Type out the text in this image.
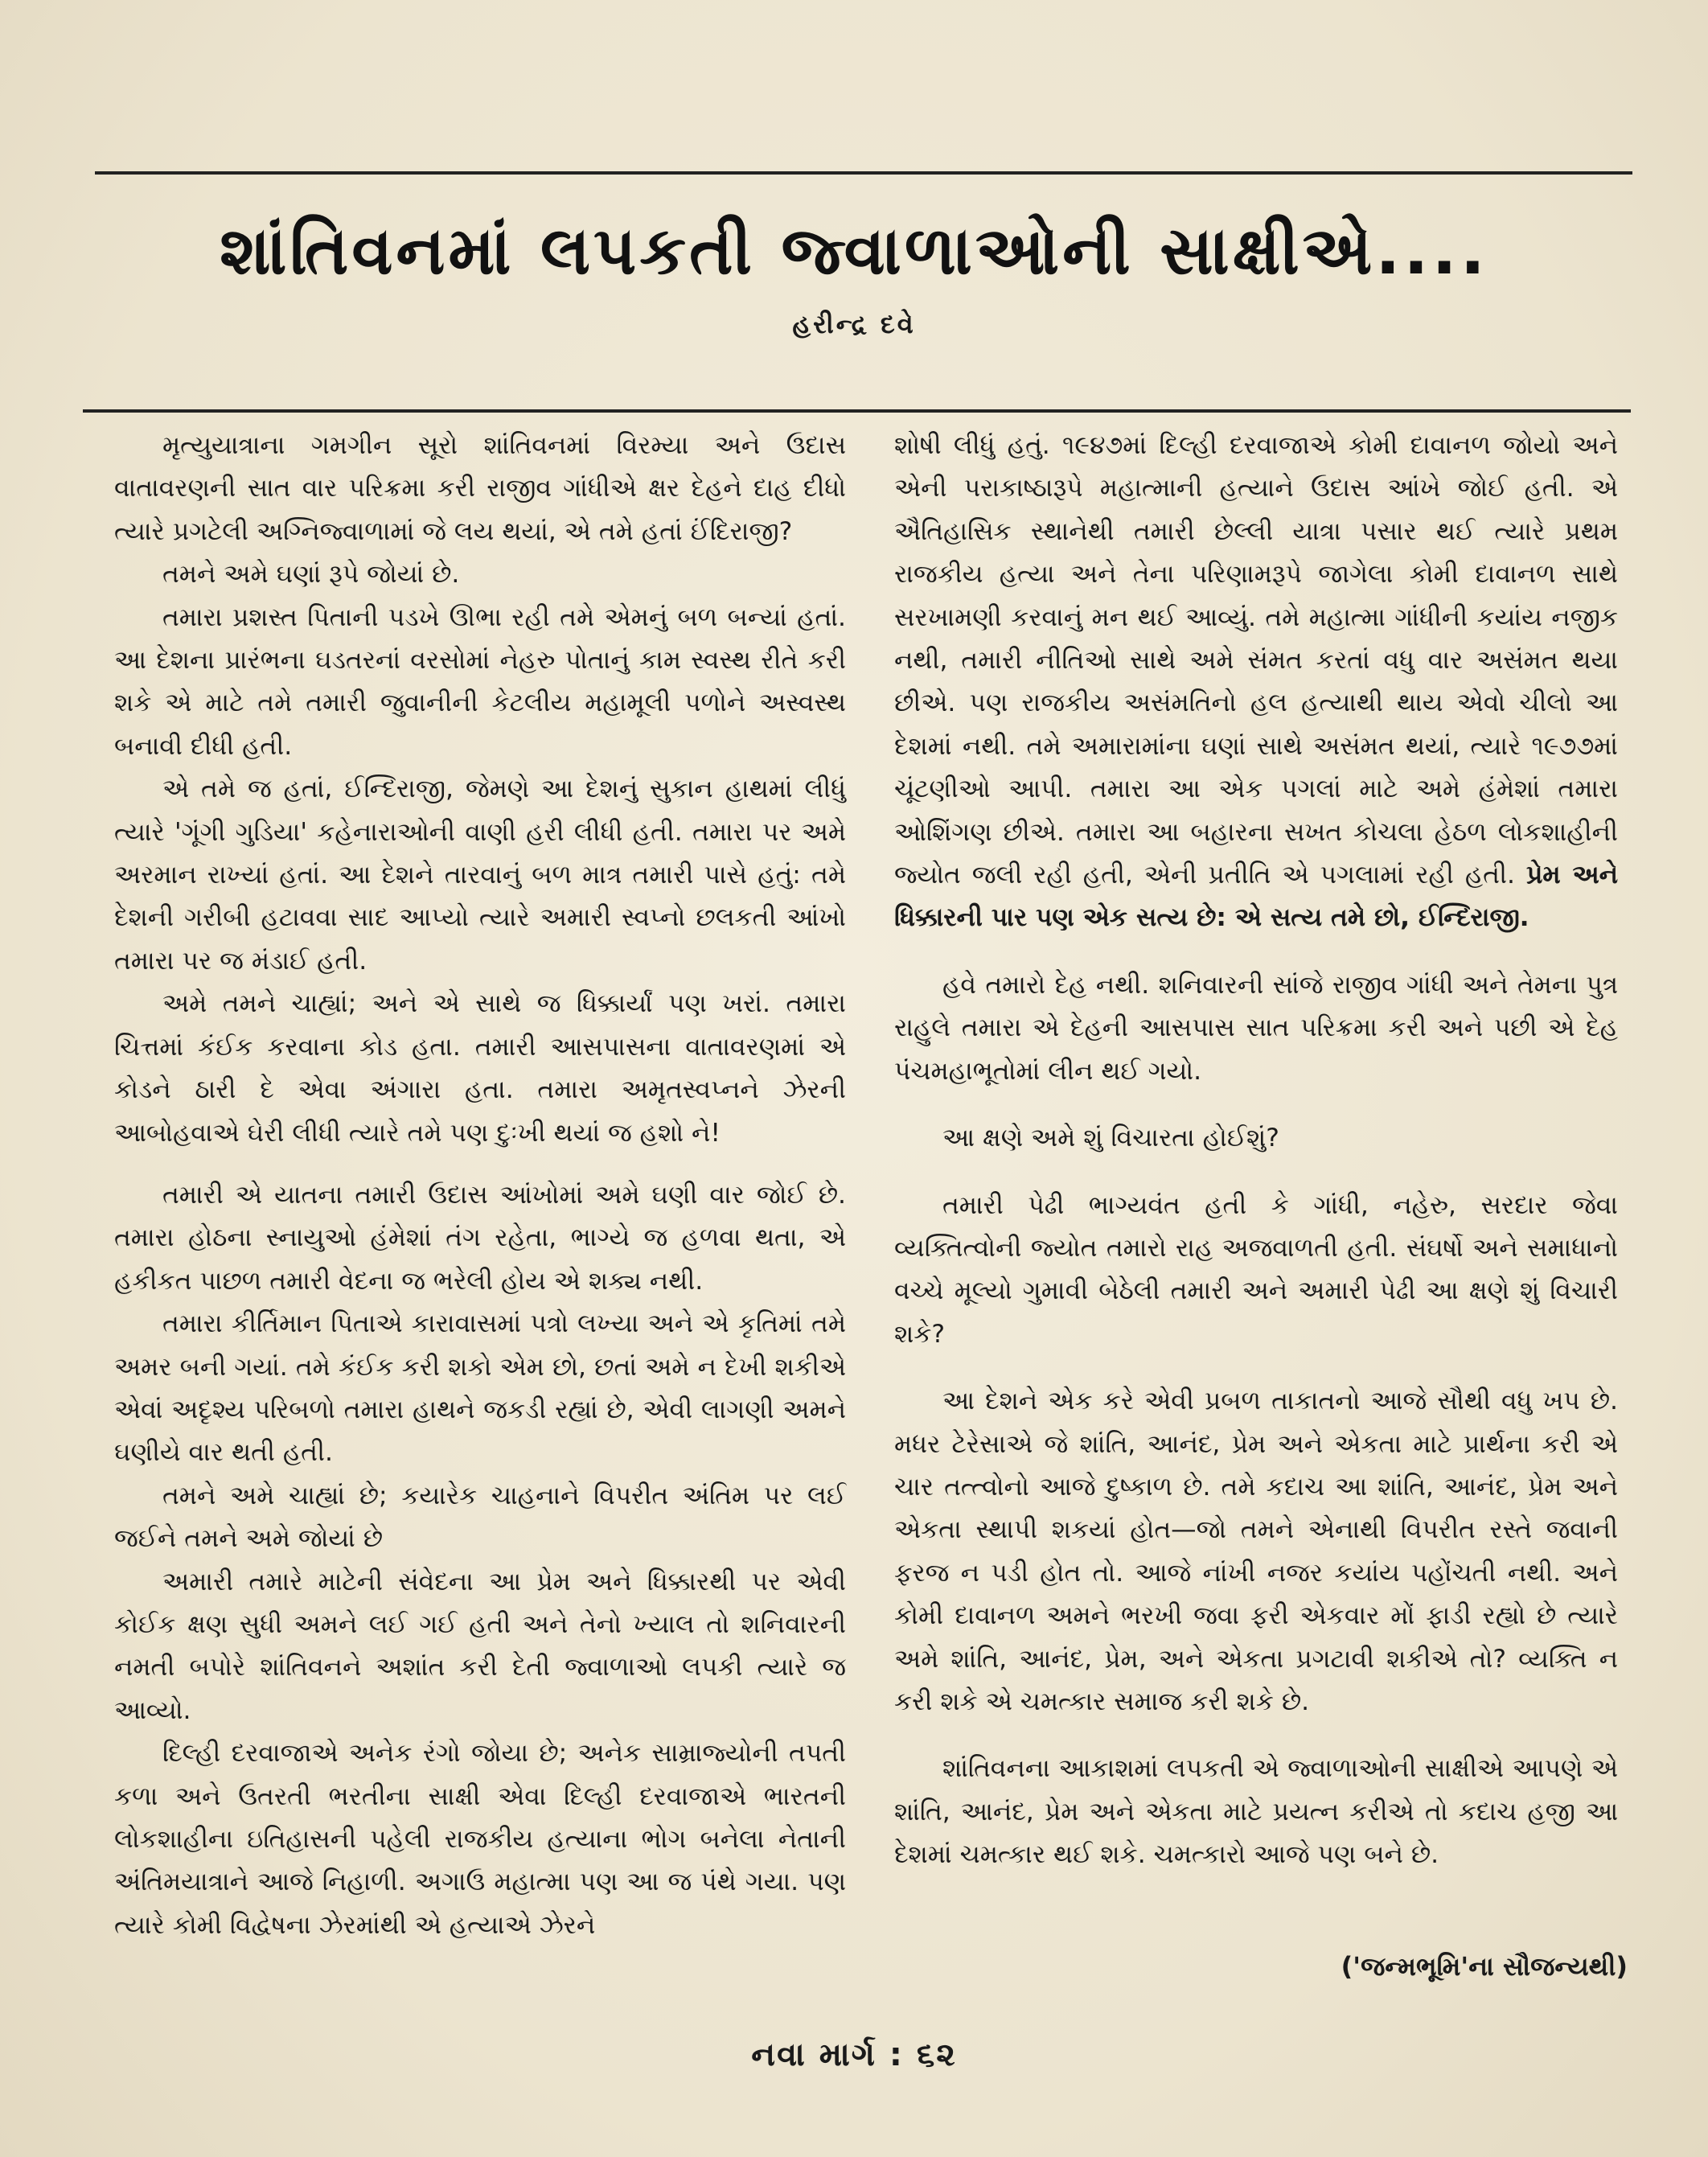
શાંતિવનમાં લપકતી જ્વાળાઓની સાક્ષીએ....
હરીન્દ્ર દવે

મૃત્યુયાત્રાના ગમગીન સૂરો શાંતિવનમાં વિરમ્યા અને ઉદાસ વાતાવરણની સાત વાર પરિક્રમા કરી રાજીવ ગાંધીએ ક્ષર દેહને દાહ દીધો ત્યારે પ્રગટેલી અગ્નિજ્વાળામાં જે લય થયાં, એ તમે હતાં ઈંદિરાજી?

તમને અમે ઘણાં રૂપે જોયાં છે.

તમારા પ્રશસ્ત પિતાની પડખે ઊભા રહી તમે એમનું બળ બન્યાં હતાં. આ દેશના પ્રારંભના ઘડતરનાં વરસોમાં નેહરુ પોતાનું કામ સ્વસ્થ રીતે કરી શકે એ માટે તમે તમારી જુવાનીની કેટલીય મહામૂલી પળોને અસ્વસ્થ બનાવી દીધી હતી.

એ તમે જ હતાં, ઈન્દિરાજી, જેમણે આ દેશનું સુકાન હાથમાં લીધું ત્યારે 'ગૂંગી ગુડિયા' કહેનારાઓની વાણી હરી લીધી હતી. તમારા પર અમે અરમાન રાખ્યાં હતાં. આ દેશને તારવાનું બળ માત્ર તમારી પાસે હતું: તમે દેશની ગરીબી હટાવવા સાદ આપ્યો ત્યારે અમારી સ્વપ્નો છલકતી આંખો તમારા પર જ મંડાઈ હતી.

અમે તમને ચાહ્યાં; અને એ સાથે જ ધિક્કાર્યાં પણ ખરાં. તમારા ચિત્તમાં કંઈક કરવાના કોડ હતા. તમારી આસપાસના વાતાવરણમાં એ કોડને ઠારી દે એવા અંગારા હતા. તમારા અમૃતસ્વપ્નને ઝેરની આબોહવાએ ઘેરી લીધી ત્યારે તમે પણ દુઃખી થયાં જ હશો ને!

તમારી એ યાતના તમારી ઉદાસ આંખોમાં અમે ઘણી વાર જોઈ છે. તમારા હોઠના સ્નાયુઓ હંમેશાં તંગ રહેતા, ભાગ્યે જ હળવા થતા, એ હકીકત પાછળ તમારી વેદના જ ભરેલી હોય એ શક્ય નથી.

તમારા કીર્તિમાન પિતાએ કારાવાસમાં પત્રો લખ્યા અને એ કૃતિમાં તમે અમર બની ગયાં. તમે કંઈક કરી શકો એમ છો, છતાં અમે ન દેખી શકીએ એવાં અદૃશ્ય પરિબળો તમારા હાથને જકડી રહ્યાં છે, એવી લાગણી અમને ઘણીયે વાર થતી હતી.

તમને અમે ચાહ્યાં છે; કયારેક ચાહનાને વિપરીત અંતિમ પર લઈ જઈને તમને અમે જોયાં છે

અમારી તમારે માટેની સંવેદના આ પ્રેમ અને ધિક્કારથી પર એવી કોઈક ક્ષણ સુધી અમને લઈ ગઈ હતી અને તેનો ખ્યાલ તો શનિવારની નમતી બપોરે શાંતિવનને અશાંત કરી દેતી જ્વાળાઓ લપકી ત્યારે જ આવ્યો.

દિલ્હી દરવાજાએ અનેક રંગો જોયા છે; અનેક સામ્રાજ્યોની તપતી કળા અને ઉતરતી ભરતીના સાક્ષી એવા દિલ્હી દરવાજાએ ભારતની લોકશાહીના ઇતિહાસની પહેલી રાજકીય હત્યાના ભોગ બનેલા નેતાની અંતિમયાત્રાને આજે નિહાળી. અગાઉ મહાત્મા પણ આ જ પંથે ગયા. પણ ત્યારે કોમી વિદ્વેષના ઝેરમાંથી એ હત્યાએ ઝેરને

શોષી લીધું હતું. ૧૯૪૭માં દિલ્હી દરવાજાએ કોમી દાવાનળ જોયો અને એની પરાકાષ્ઠારૂપે મહાત્માની હત્યાને ઉદાસ આંખે જોઈ હતી. એ ઐતિહાસિક સ્થાનેથી તમારી છેલ્લી યાત્રા પસાર થઈ ત્યારે પ્રથમ રાજકીય હત્યા અને તેના પરિણામરૂપે જાગેલા કોમી દાવાનળ સાથે સરખામણી કરવાનું મન થઈ આવ્યું. તમે મહાત્મા ગાંધીની કયાંય નજીક નથી, તમારી નીતિઓ સાથે અમે સંમત કરતાં વધુ વાર અસંમત થયા છીએ. પણ રાજકીય અસંમતિનો હલ હત્યાથી થાય એવો ચીલો આ દેશમાં નથી. તમે અમારામાંના ઘણાં સાથે અસંમત થયાં, ત્યારે ૧૯૭૭માં ચૂંટણીઓ આપી. તમારા આ એક પગલાં માટે અમે હંમેશાં તમારા ઓશિંગણ છીએ. તમારા આ બહારના સખત કોચલા હેઠળ લોકશાહીની જ્યોત જલી રહી હતી, એની પ્રતીતિ એ પગલામાં રહી હતી. પ્રેમ અને ધિક્કારની પાર પણ એક સત્ય છે: એ સત્ય તમે છો, ઈન્દિરાજી.

હવે તમારો દેહ નથી. શનિવારની સાંજે રાજીવ ગાંધી અને તેમના પુત્ર રાહુલે તમારા એ દેહની આસપાસ સાત પરિક્રમા કરી અને પછી એ દેહ પંચમહાભૂતોમાં લીન થઈ ગયો.

આ ક્ષણે અમે શું વિચારતા હોઈશું?

તમારી પેઢી ભાગ્યવંત હતી કે ગાંધી, નહેરુ, સરદાર જેવા વ્યક્તિત્વોની જ્યોત તમારો રાહ અજવાળતી હતી. સંઘર્ષો અને સમાધાનો વચ્ચે મૂલ્યો ગુમાવી બેઠેલી તમારી અને અમારી પેઢી આ ક્ષણે શું વિચારી શકે?

આ દેશને એક કરે એવી પ્રબળ તાકાતનો આજે સૌથી વધુ ખપ છે. મધર ટેરેસાએ જે શાંતિ, આનંદ, પ્રેમ અને એકતા માટે પ્રાર્થના કરી એ ચાર તત્ત્વોનો આજે દુષ્કાળ છે. તમે કદાચ આ શાંતિ, આનંદ, પ્રેમ અને એકતા સ્થાપી શકયાં હોત—જો તમને એનાથી વિપરીત રસ્તે જવાની ફરજ ન પડી હોત તો. આજે નાંખી નજર કયાંય પહોંચતી નથી. અને કોમી દાવાનળ અમને ભરખી જવા ફરી એકવાર મોં ફાડી રહ્યો છે ત્યારે અમે શાંતિ, આનંદ, પ્રેમ, અને એકતા પ્રગટાવી શકીએ તો? વ્યક્તિ ન કરી શકે એ ચમત્કાર સમાજ કરી શકે છે.

શાંતિવનના આકાશમાં લપકતી એ જ્વાળાઓની સાક્ષીએ આપણે એ શાંતિ, આનંદ, પ્રેમ અને એકતા માટે પ્રયત્ન કરીએ તો કદાચ હજી આ દેશમાં ચમત્કાર થઈ શકે. ચમત્કારો આજે પણ બને છે.

('જન્મભૂમિ'ના સૌજન્યથી)
નવા માર્ગ : ૬૨
